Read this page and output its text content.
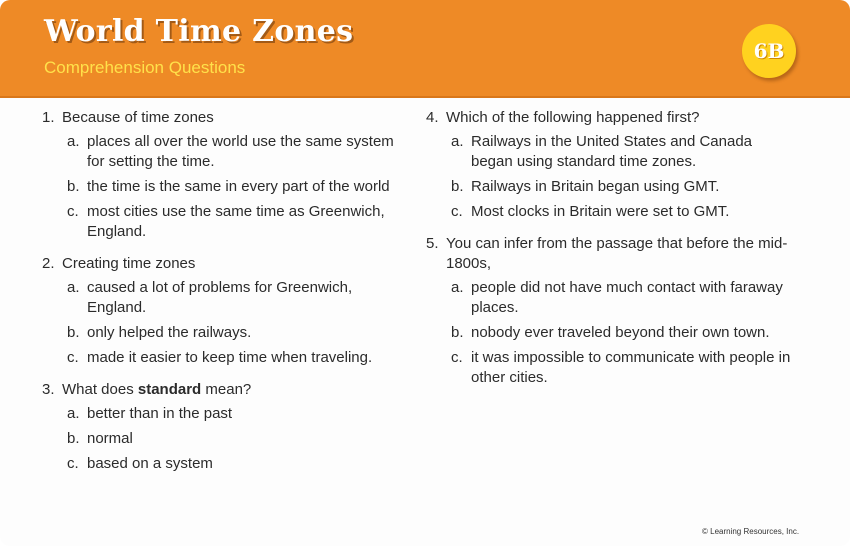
World Time Zones
Comprehension Questions
6B
1. Because of time zones
a. places all over the world use the same system for setting the time.
b. the time is the same in every part of the world
c. most cities use the same time as Greenwich, England.
2. Creating time zones
a. caused a lot of problems for Greenwich, England.
b. only helped the railways.
c. made it easier to keep time when traveling.
3. What does standard mean?
a. better than in the past
b. normal
c. based on a system
4. Which of the following happened first?
a. Railways in the United States and Canada began using standard time zones.
b. Railways in Britain began using GMT.
c. Most clocks in Britain were set to GMT.
5. You can infer from the passage that before the mid-1800s,
a. people did not have much contact with faraway places.
b. nobody ever traveled beyond their own town.
c. it was impossible to communicate with people in other cities.
© Learning Resources, Inc.
